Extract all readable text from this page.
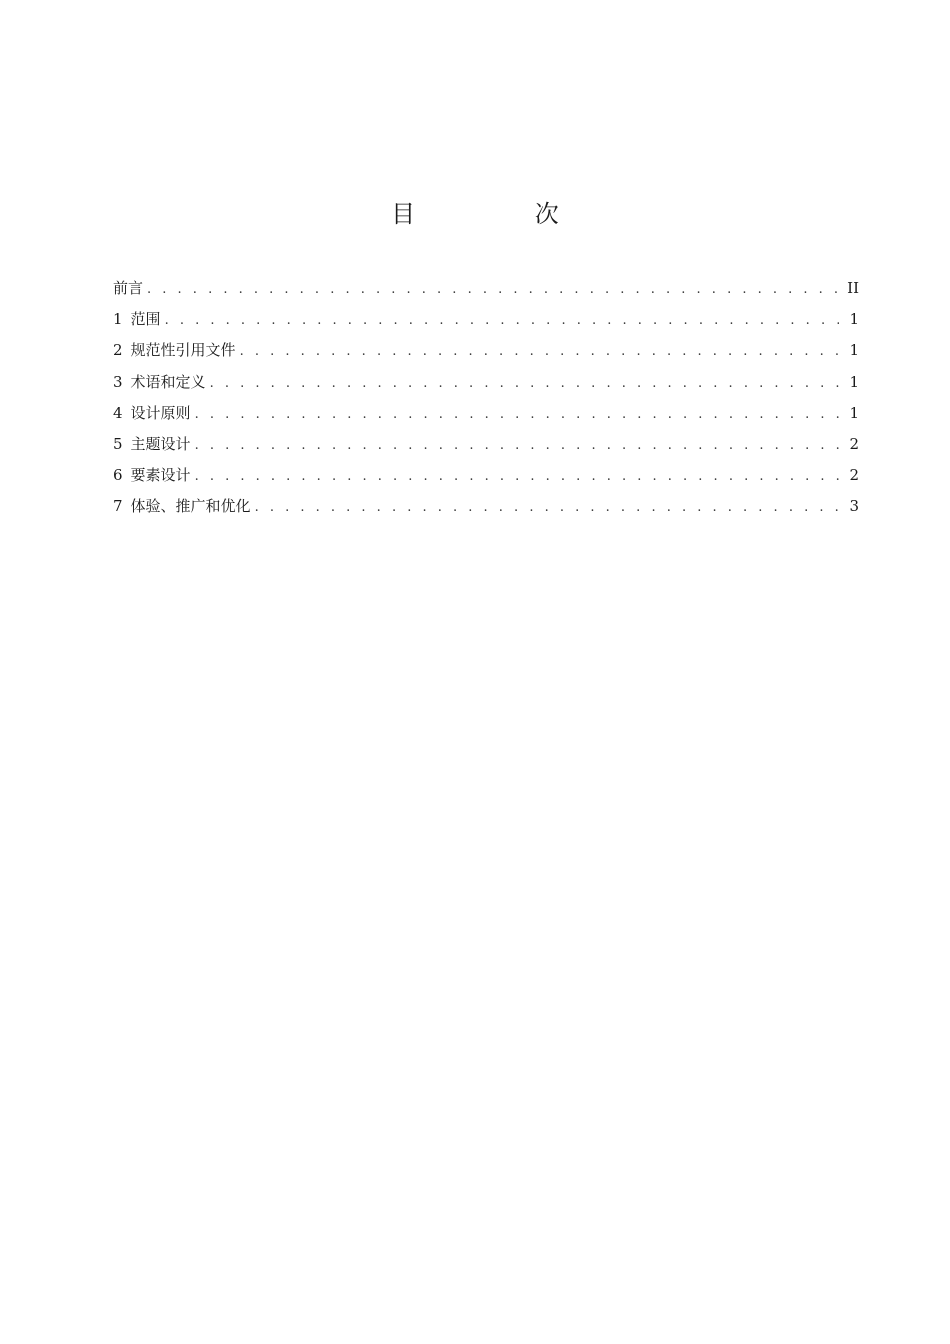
目 次
前言 . . .	II
1 范围 . . .	1
2 规范性引用文件 . . .	1
3 术语和定义 . . .	1
4 设计原则 . . .	1
5 主题设计 . . .	2
6 要素设计 . . .	2
7 体验、推广和优化 . . .	3
